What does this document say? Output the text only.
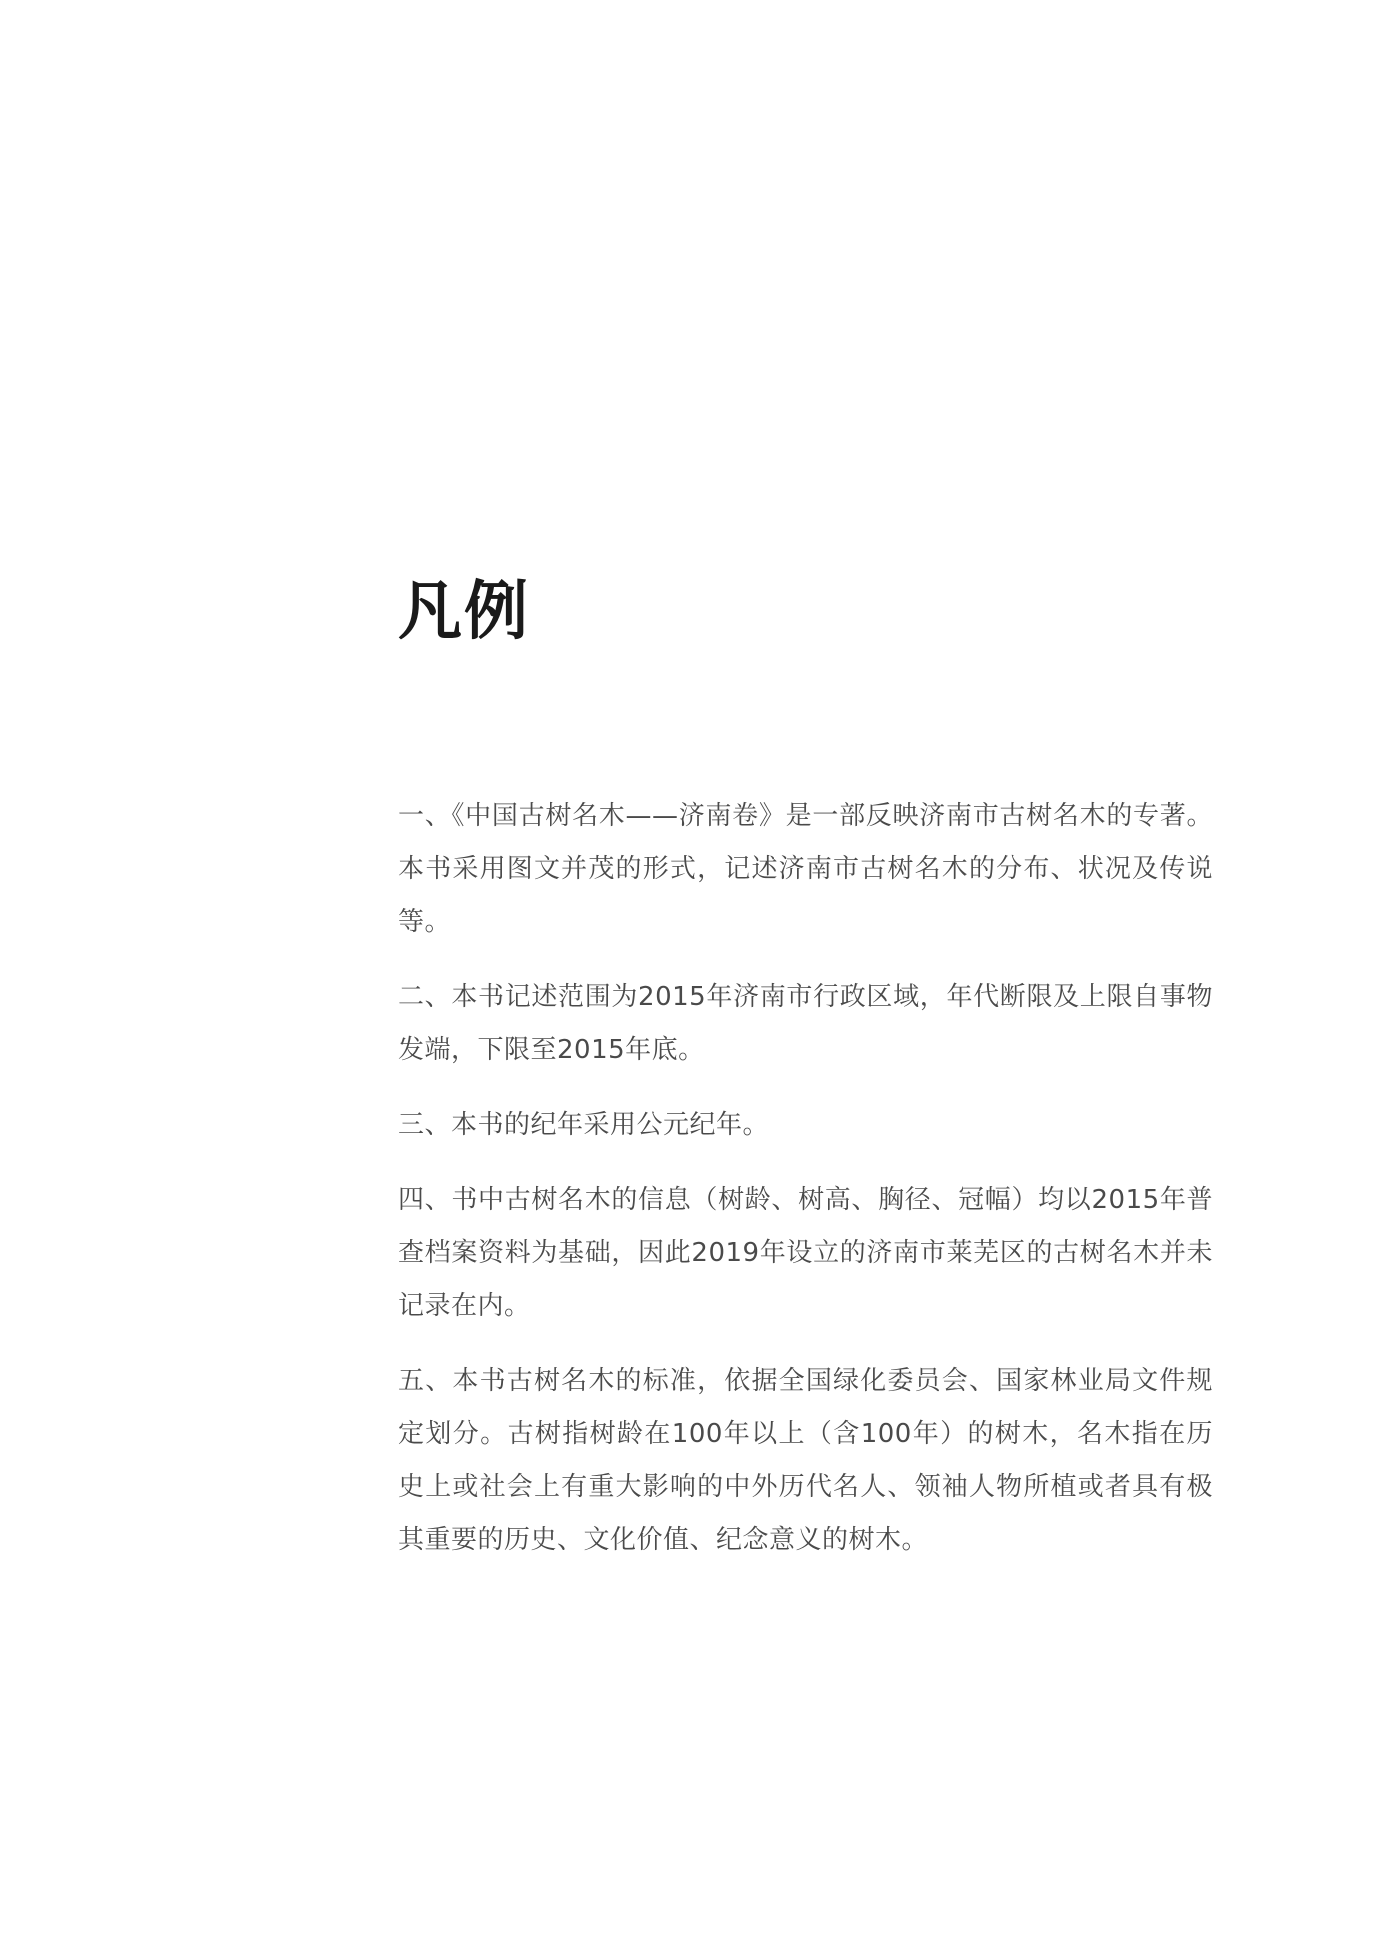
凡例
一、《中国古树名木——济南卷》是一部反映济南市古树名木的专著。本书采用图文并茂的形式，记述济南市古树名木的分布、状况及传说等。
二、本书记述范围为2015年济南市行政区域，年代断限及上限自事物发端，下限至2015年底。
三、本书的纪年采用公元纪年。
四、书中古树名木的信息（树龄、树高、胸径、冠幅）均以2015年普查档案资料为基础，因此2019年设立的济南市莱芜区的古树名木并未记录在内。
五、本书古树名木的标准，依据全国绿化委员会、国家林业局文件规定划分。古树指树龄在100年以上（含100年）的树木，名木指在历史上或社会上有重大影响的中外历代名人、领袖人物所植或者具有极其重要的历史、文化价值、纪念意义的树木。
